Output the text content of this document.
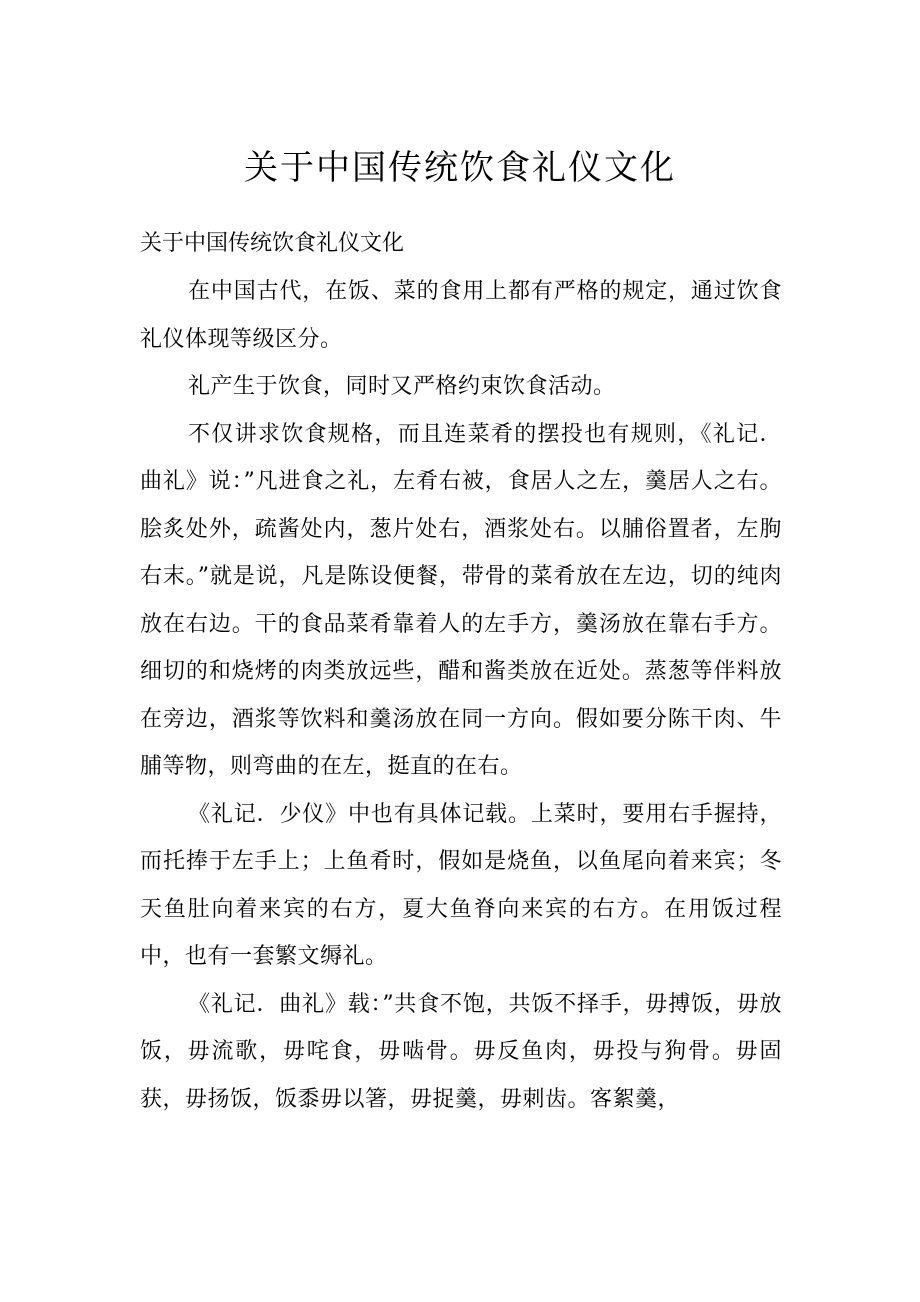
关于中国传统饮食礼仪文化

关于中国传统饮食礼仪文化

在中国古代，在饭、菜的食用上都有严格的规定，通过饮食礼仪体现等级区分。

礼产生于饮食，同时又严格约束饮食活动。

不仅讲求饮食规格，而且连菜肴的摆投也有规则，《礼记．曲礼》说：”凡进食之礼，左肴右被，食居人之左，羹居人之右。脍炙处外，疏酱处内，葱片处右，酒浆处右。以脯俗置者，左朐右末。”就是说，凡是陈设便餐，带骨的菜肴放在左边，切的纯肉放在右边。干的食品菜肴靠着人的左手方，羹汤放在靠右手方。细切的和烧烤的肉类放远些，醋和酱类放在近处。蒸葱等伴料放在旁边，酒浆等饮料和羹汤放在同一方向。假如要分陈干肉、牛脯等物，则弯曲的在左，挺直的在右。

《礼记．少仪》中也有具体记载。上菜时，要用右手握持，而托捧于左手上；上鱼肴时，假如是烧鱼，以鱼尾向着来宾；冬天鱼肚向着来宾的右方，夏大鱼脊向来宾的右方。在用饭过程中，也有一套繁文缛礼。

《礼记．曲礼》载：”共食不饱，共饭不择手，毋搏饭，毋放饭，毋流歌，毋咤食，毋啮骨。毋反鱼肉，毋投与狗骨。毋固获，毋扬饭，饭黍毋以箸，毋捉羹，毋刺齿。客絮羹，
